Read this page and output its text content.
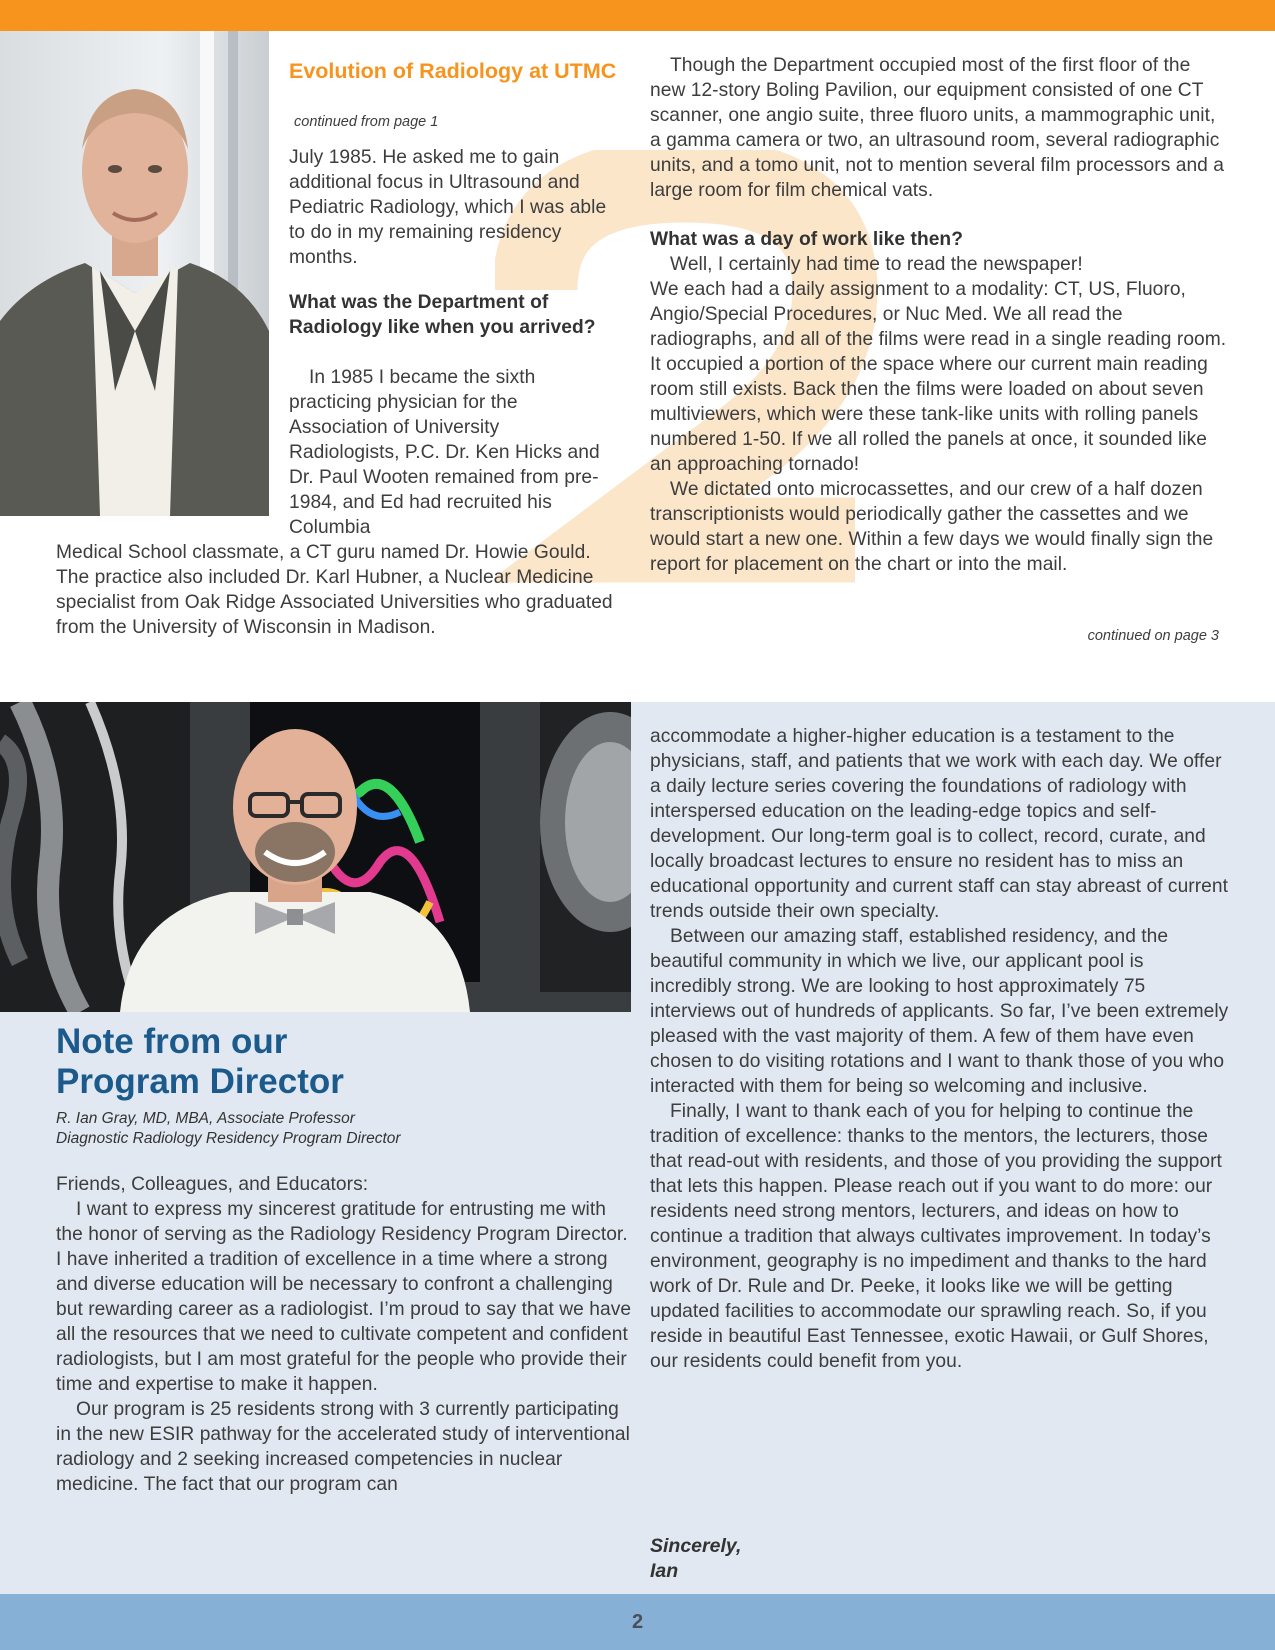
Evolution of Radiology at UTMC

continued from page 1

July 1985. He asked me to gain additional focus in Ultrasound and Pediatric Radiology, which I was able to do in my remaining residency months.

What was the Department of Radiology like when you arrived?

In 1985 I became the sixth practicing physician for the Association of University Radiologists, P.C. Dr. Ken Hicks and Dr. Paul Wooten remained from pre-1984, and Ed had recruited his Columbia

Medical School classmate, a CT guru named Dr. Howie Gould. The practice also included Dr. Karl Hubner, a Nuclear Medicine specialist from Oak Ridge Associated Universities who graduated from the University of Wisconsin in Madison.

Though the Department occupied most of the first floor of the new 12-story Boling Pavilion, our equipment consisted of one CT scanner, one angio suite, three fluoro units, a mammographic unit, a gamma camera or two, an ultrasound room, several radiographic units, and a tomo unit, not to mention several film processors and a large room for film chemical vats.

What was a day of work like then?

Well, I certainly had time to read the newspaper!

We each had a daily assignment to a modality: CT, US, Fluoro, Angio/Special Procedures, or Nuc Med. We all read the radiographs, and all of the films were read in a single reading room. It occupied a portion of the space where our current main reading room still exists. Back then the films were loaded on about seven multiviewers, which were these tank-like units with rolling panels numbered 1-50. If we all rolled the panels at once, it sounded like an approaching tornado!

We dictated onto microcassettes, and our crew of a half dozen transcriptionists would periodically gather the cassettes and we would start a new one. Within a few days we would finally sign the report for placement on the chart or into the mail.

continued on page 3

Note from our
Program Director

R. Ian Gray, MD, MBA, Associate Professor
Diagnostic Radiology Residency Program Director

Friends, Colleagues, and Educators:

I want to express my sincerest gratitude for entrusting me with the honor of serving as the Radiology Residency Program Director. I have inherited a tradition of excellence in a time where a strong and diverse education will be necessary to confront a challenging but rewarding career as a radiologist. I’m proud to say that we have all the resources that we need to cultivate competent and confident radiologists, but I am most grateful for the people who provide their time and expertise to make it happen.

Our program is 25 residents strong with 3 currently participating in the new ESIR pathway for the accelerated study of interventional radiology and 2 seeking increased competencies in nuclear medicine. The fact that our program can

accommodate a higher-higher education is a testament to the physicians, staff, and patients that we work with each day. We offer a daily lecture series covering the foundations of radiology with interspersed education on the leading-edge topics and self-development. Our long-term goal is to collect, record, curate, and locally broadcast lectures to ensure no resident has to miss an educational opportunity and current staff can stay abreast of current trends outside their own specialty.

Between our amazing staff, established residency, and the beautiful community in which we live, our applicant pool is incredibly strong. We are looking to host approximately 75 interviews out of hundreds of applicants. So far, I’ve been extremely pleased with the vast majority of them. A few of them have even chosen to do visiting rotations and I want to thank those of you who interacted with them for being so welcoming and inclusive.

Finally, I want to thank each of you for helping to continue the tradition of excellence: thanks to the mentors, the lecturers, those that read-out with residents, and those of you providing the support that lets this happen. Please reach out if you want to do more: our residents need strong mentors, lecturers, and ideas on how to continue a tradition that always cultivates improvement. In today’s environment, geography is no impediment and thanks to the hard work of Dr. Rule and Dr. Peeke, it looks like we will be getting updated facilities to accommodate our sprawling reach. So, if you reside in beautiful East Tennessee, exotic Hawaii, or Gulf Shores, our residents could benefit from you.

Sincerely,
Ian

2
